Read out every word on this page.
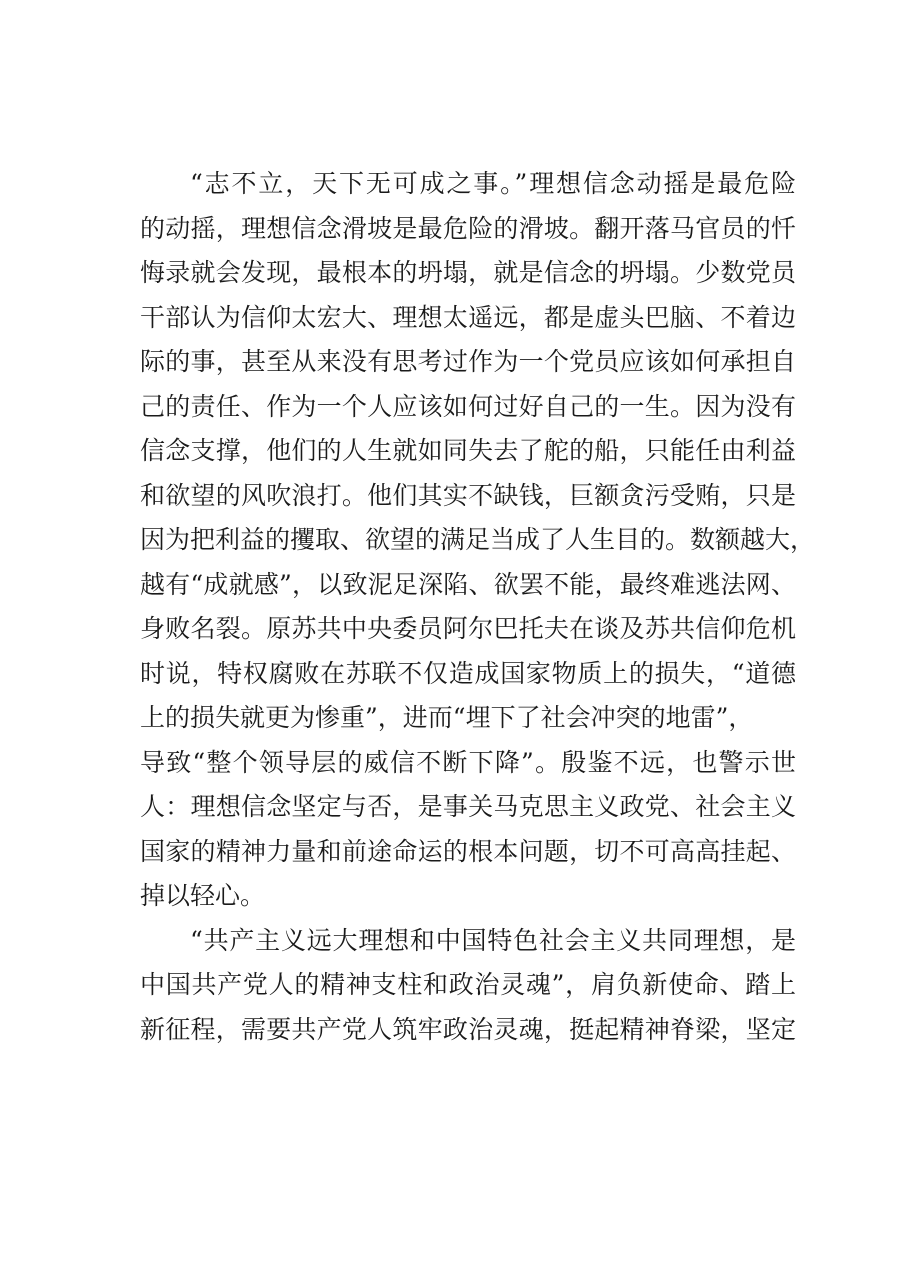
“志不立，天下无可成之事。”理想信念动摇是最危险
的动摇，理想信念滑坡是最危险的滑坡。翻开落马官员的忏
悔录就会发现，最根本的坍塌，就是信念的坍塌。少数党员
干部认为信仰太宏大、理想太遥远，都是虚头巴脑、不着边
际的事，甚至从来没有思考过作为一个党员应该如何承担自
己的责任、作为一个人应该如何过好自己的一生。因为没有
信念支撑，他们的人生就如同失去了舵的船，只能任由利益
和欲望的风吹浪打。他们其实不缺钱，巨额贪污受贿，只是
因为把利益的攫取、欲望的满足当成了人生目的。数额越大，
越有“成就感”，以致泥足深陷、欲罢不能，最终难逃法网、
身败名裂。原苏共中央委员阿尔巴托夫在谈及苏共信仰危机
时说，特权腐败在苏联不仅造成国家物质上的损失，“道德
上的损失就更为惨重”，进而“埋下了社会冲突的地雷”，
导致“整个领导层的威信不断下降”。殷鉴不远，也警示世
人：理想信念坚定与否，是事关马克思主义政党、社会主义
国家的精神力量和前途命运的根本问题，切不可高高挂起、
掉以轻心。
“共产主义远大理想和中国特色社会主义共同理想，是
中国共产党人的精神支柱和政治灵魂”，肩负新使命、踏上
新征程，需要共产党人筑牢政治灵魂，挺起精神脊梁，坚定
